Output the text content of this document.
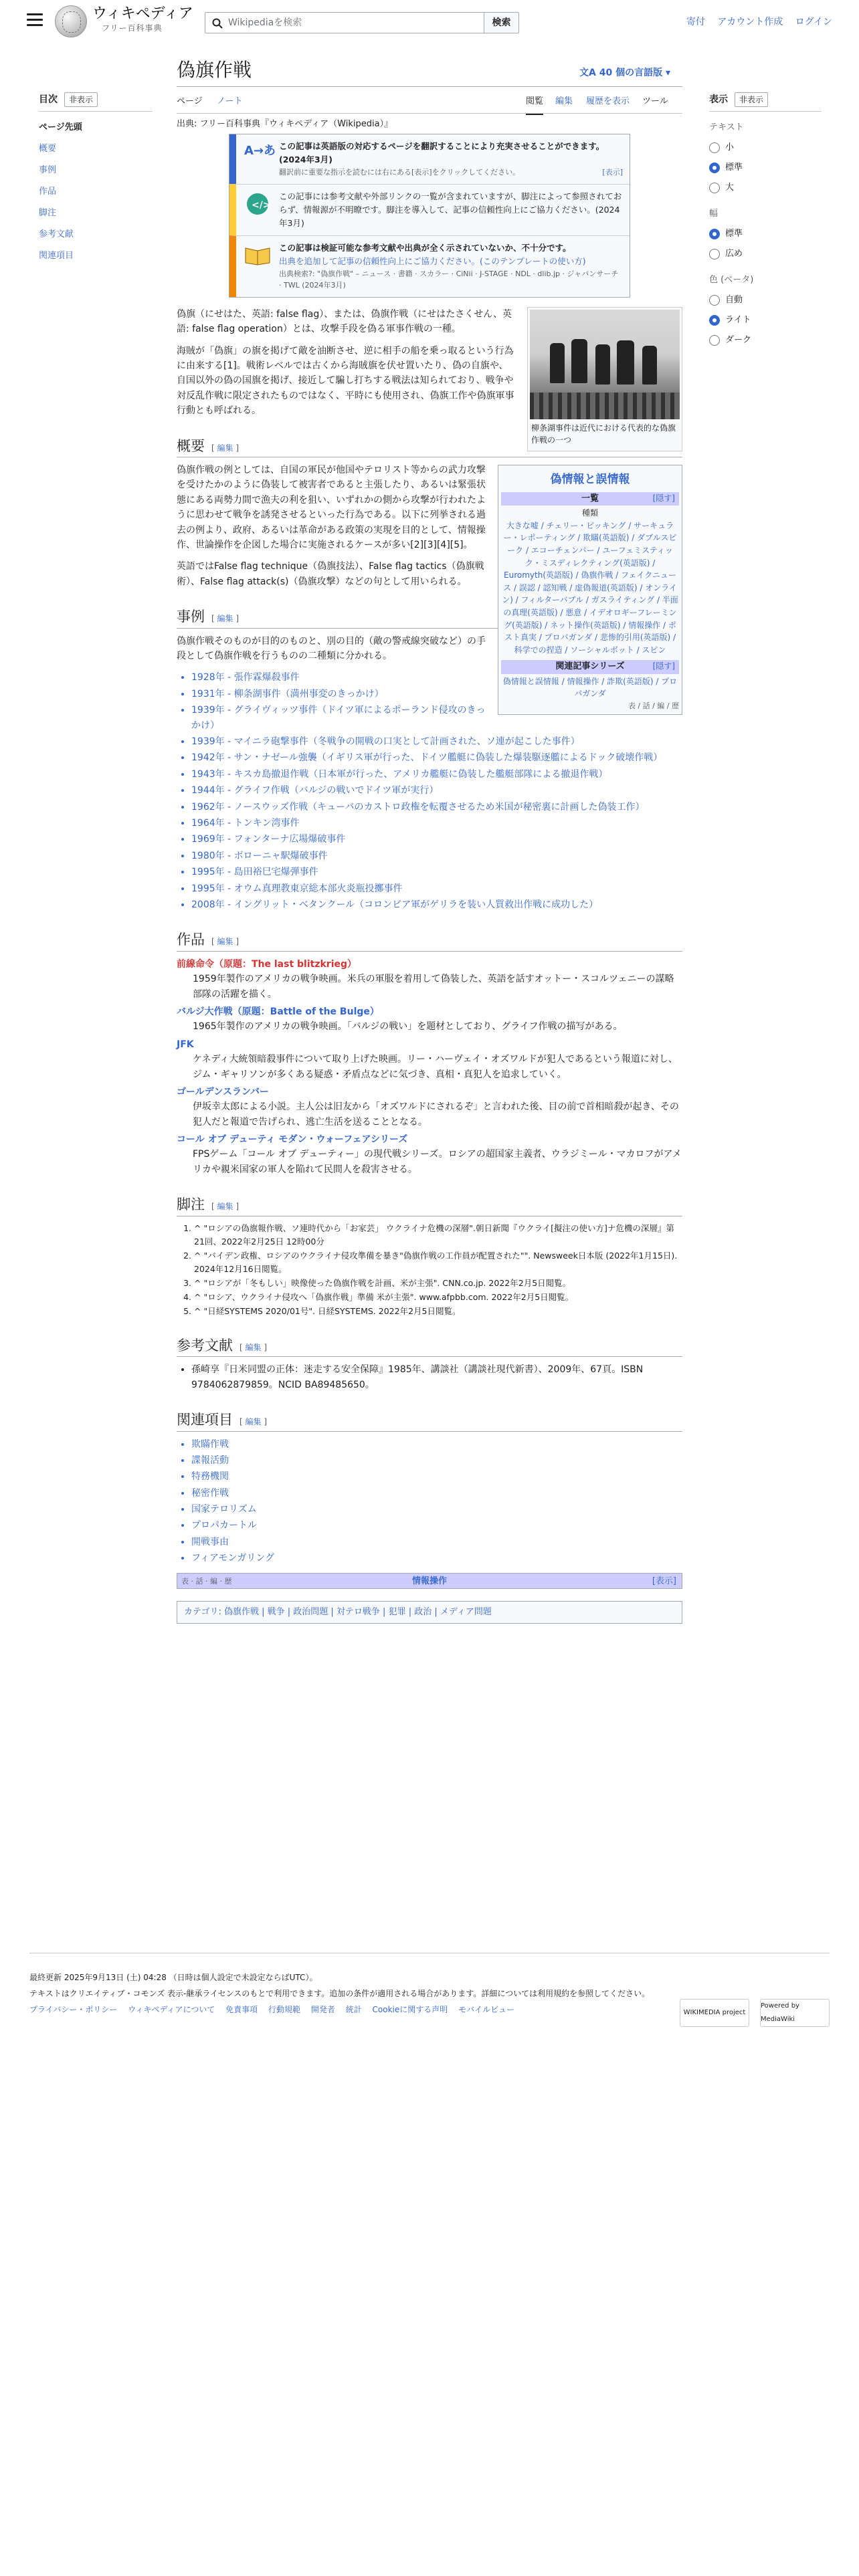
ウィキペディア
フリー百科事典
Wikipediaを検索	検索	寄付 アカウント作成 ログイン
目次	非表示
ページ先頭
概要
事例
作品
脚注
参考文献
関連項目
偽旗作戦	文A 40 個の言語版 ▾
ページ ノート	閲覧 編集 履歴を表示 ツール
出典: フリー百科事典『ウィキペディア（Wikipedia）』
A→あ この記事は英語版の対応するページを翻訳することにより充実させることができます。(2024年3月)
翻訳前に重要な指示を読むには右にある[表示]をクリックしてください。	[表示]
</>
この記事には参考文献や外部リンクの一覧が含まれていますが、脚注によって参照されておらず、情報源が不明瞭です。脚注を導入して、記事の信頼性向上にご協力ください。(2024年3月)
この記事は検証可能な参考文献や出典が全く示されていないか、不十分です。
出典を追加して記事の信頼性向上にご協力ください。(このテンプレートの使い方)
出典検索?: "偽旗作戦" – ニュース · 書籍 · スカラー · CiNii · J-STAGE · NDL · dlib.jp · ジャパンサーチ · TWL (2024年3月)
柳条湖事件は近代における代表的な偽旗作戦の一つ

偽旗（にせはた、英語: false flag）、または、偽旗作戦（にせはたさくせん、英語: false flag operation）とは、攻撃手段を偽る軍事作戦の一種。

海賊が「偽旗」の旗を掲げて敵を油断させ、逆に相手の船を乗っ取るという行為に由来する[1]。戦術レベルでは古くから海賊旗を伏せ置いたり、偽の自旗や、自国以外の偽の国旗を掲げ、接近して騙し打ちする戦法は知られており、戦争や対反乱作戦に限定されたものではなく、平時にも使用され、偽旗工作や偽旗軍事行動とも呼ばれる。

偽情報と誤情報
[隠す]
一覧
種類
大きな嘘 / チェリー・ピッキング / サーキュラー・レポーティング / 欺瞞(英語版) / ダブルスピーク / エコーチェンバー / ユーフェミスティック・ミスディレクティング(英語版) / Euromyth(英語版) / 偽旗作戦 / フェイクニュース / 誤認 / 認知戦 / 虚偽報道(英語版) / オンライン) / フィルターバブル / ガスライティング / 半面の真理(英語版) / 悪意 / イデオロギーフレーミング(英語版) / ネット操作(英語版) / 情報操作 / ポスト真実 / プロパガンダ / 悲惨的引用(英語版) / 科学での捏造 / ソーシャルボット / スピン
[隠す]
関連記事シリーズ
偽情報と誤情報 / 情報操作 / 詐欺(英語版) / プロパガンダ
表 / 話 / 編 / 歴
概要 [ 編集 ]

偽旗作戦の例としては、自国の軍民が他国やテロリスト等からの武力攻撃を受けたかのように偽装して被害者であると主張したり、あるいは緊張状態にある両勢力間で漁夫の利を狙い、いずれかの側から攻撃が行われたように思わせて戦争を誘発させるといった行為である。以下に列挙される過去の例より、政府、あるいは革命がある政策の実現を目的として、情報操作、世論操作を企図した場合に実施されるケースが多い[2][3][4][5]。

英語ではFalse flag technique（偽旗技法）、False flag tactics（偽旗戦術）、False flag attack(s)（偽旗攻撃）などの句として用いられる。

事例 [ 編集 ]

偽旗作戦そのものが目的のものと、別の目的（敵の警戒線突破など）の手段として偽旗作戦を行うものの二種類に分かれる。

• 1928年 - 張作霖爆殺事件
• 1931年 - 柳条湖事件（満州事変のきっかけ）
• 1939年 - グライヴィッツ事件（ドイツ軍によるポーランド侵攻のきっかけ）
• 1939年 - マイニラ砲撃事件（冬戦争の開戦の口実として計画された、ソ連が起こした事件）
• 1942年 - サン・ナゼール強襲（イギリス軍が行った、ドイツ艦艇に偽装した爆装駆逐艦によるドック破壊作戦）
• 1943年 - キスカ島撤退作戦（日本軍が行った、アメリカ艦艇に偽装した艦艇部隊による撤退作戦）
• 1944年 - グライフ作戦（バルジの戦いでドイツ軍が実行）
• 1962年 - ノースウッズ作戦（キューバのカストロ政権を転覆させるため米国が秘密裏に計画した偽装工作）
• 1964年 - トンキン湾事件
• 1969年 - フォンターナ広場爆破事件
• 1980年 - ボローニャ駅爆破事件
• 1995年 - 島田裕巳宅爆弾事件
• 1995年 - オウム真理教東京総本部火炎瓶投擲事件
• 2008年 - イングリット・ベタンクール（コロンビア軍がゲリラを装い人質救出作戦に成功した）
作品 [ 編集 ]
前線命令（原題：The last blitzkrieg）
1959年製作のアメリカの戦争映画。米兵の軍服を着用して偽装した、英語を話すオットー・スコルツェニーの謀略部隊の活躍を描く。
バルジ大作戦（原題：Battle of the Bulge）
1965年製作のアメリカの戦争映画。「バルジの戦い」を題材としており、グライフ作戦の描写がある。
JFK
ケネディ大統領暗殺事件について取り上げた映画。リー・ハーヴェイ・オズワルドが犯人であるという報道に対し、ジム・ギャリソンが多くある疑惑・矛盾点などに気づき、真相・真犯人を追求していく。
ゴールデンスランバー
伊坂幸太郎による小説。主人公は旧友から「オズワルドにされるぞ」と言われた後、目の前で首相暗殺が起き、その犯人だと報道で告げられ、逃亡生活を送ることとなる。
コール オブ デューティ モダン・ウォーフェアシリーズ
FPSゲーム「コール オブ デューティー」の現代戦シリーズ。ロシアの超国家主義者、ウラジミール・マカロフがアメリカや親米国家の軍人を陥れて民間人を殺害させる。
脚注 [ 編集 ]
1. ^ "ロシアの偽旗報作戦、ソ連時代から「お家芸」 ウクライナ危機の深層".朝日新聞『ウクライ[擬注の使い方]ナ危機の深層』第21回、2022年2月25日 12時00分
2. ^ "バイデン政権、ロシアのウクライナ侵攻準備を暴き"偽旗作戦の工作員が配置された"". Newsweek日本版 (2022年1月15日). 2024年12月16日閲覧。
3. ^ "ロシアが「冬もしい」映像使った偽旗作戦を計画、米が主張". CNN.co.jp. 2022年2月5日閲覧。
4. ^ "ロシア、ウクライナ侵攻へ「偽旗作戦」準備 米が主張". www.afpbb.com. 2022年2月5日閲覧。
5. ^ "日経SYSTEMS 2020/01号". 日経SYSTEMS. 2022年2月5日閲覧。
参考文献 [ 編集 ]
• 孫崎享『日米同盟の正体：迷走する安全保障』1985年、講談社（講談社現代新書）、2009年、67頁。ISBN 9784062879859。NCID BA89485650。
関連項目 [ 編集 ]
• 欺瞞作戦
• 諜報活動
• 特務機関
• 秘密作戦
• 国家テロリズム
• プロパカートル
• 開戦事由
• フィアモンガリング
表 · 話 · 編 · 歴	情報操作	[表示]
カテゴリ: 偽旗作戦 | 戦争 | 政治問題 | 対テロ戦争 | 犯罪 | 政治 | メディア問題
表示	非表示
テキスト
小
標準
大
幅
標準
広め
色 (ベータ)
自動
ライト
ダーク
最終更新 2025年9月13日 (土) 04:28 （日時は個人設定で未設定ならばUTC）。
テキストはクリエイティブ・コモンズ 表示-継承ライセンスのもとで利用できます。追加の条件が適用される場合があります。詳細については利用規約を参照してください。
プライバシー・ポリシー ウィキペディアについて 免責事項 行動規範 開発者 統計 Cookieに関する声明 モバイルビュー	WIKIMEDIA project
Powered by MediaWiki
